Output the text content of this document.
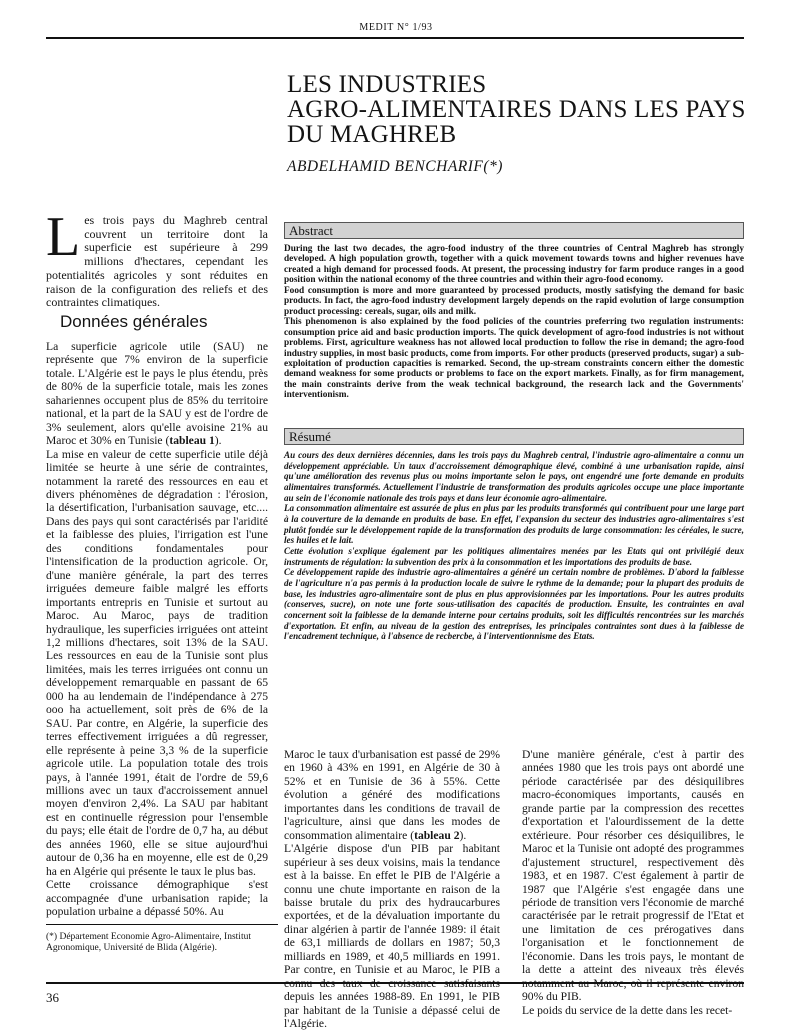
MEDIT N° 1/93
LES INDUSTRIES
AGRO-ALIMENTAIRES DANS LES PAYS
DU MAGHREB
ABDELHAMID BENCHARIF(*)
Les trois pays du Maghreb central couvrent un territoire dont la superficie est supérieure à 299 millions d'hectares, cependant les potentialités agricoles y sont réduites en raison de la configuration des reliefs et des contraintes climatiques.
Données générales

La superficie agricole utile (SAU) ne représente que 7% environ de la superficie totale. L'Algérie est le pays le plus étendu, près de 80% de la superficie totale, mais les zones sahariennes occupent plus de 85% du territoire national, et la part de la SAU y est de l'ordre de 3% seulement, alors qu'elle avoisine 21% au Maroc et 30% en Tunisie (tableau 1).

La mise en valeur de cette superficie utile déjà limitée se heurte à une série de contraintes, notamment la rareté des ressources en eau et divers phénomènes de dégradation : l'érosion, la désertification, l'urbanisation sauvage, etc.... Dans des pays qui sont caractérisés par l'aridité et la faiblesse des pluies, l'irrigation est l'une des conditions fondamentales pour l'intensification de la production agricole. Or, d'une manière générale, la part des terres irriguées demeure faible malgré les efforts importants entrepris en Tunisie et surtout au Maroc. Au Maroc, pays de tradition hydraulique, les superficies irriguées ont atteint 1,2 millions d'hectares, soit 13% de la SAU. Les ressources en eau de la Tunisie sont plus limitées, mais les terres irriguées ont connu un développement remarquable en passant de 65 000 ha au lendemain de l'indépendance à 275 ooo ha actuellement, soit près de 6% de la SAU. Par contre, en Algérie, la superficie des terres effectivement irriguées a dû regresser, elle représente à peine 3,3 % de la superficie agricole utile. La population totale des trois pays, à l'année 1991, était de l'ordre de 59,6 millions avec un taux d'accroissement annuel moyen d'environ 2,4%. La SAU par habitant est en continuelle régression pour l'ensemble du pays; elle était de l'ordre de 0,7 ha, au début des années 1960, elle se situe aujourd'hui autour de 0,36 ha en moyenne, elle est de 0,29 ha en Algérie qui présente le taux le plus bas.

Cette croissance démographique s'est accompagnée d'une urbanisation rapide; la population urbaine a dépassé 50%. Au

Abstract

During the last two decades, the agro-food industry of the three countries of Central Maghreb has strongly developed. A high population growth, together with a quick movement towards towns and higher revenues have created a high demand for processed foods. At present, the processing industry for farm produce ranges in a good position within the national economy of the three countries and within their agro-food economy.

Food consumption is more and more guaranteed by processed products, mostly satisfying the demand for basic products. In fact, the agro-food industry development largely depends on the rapid evolution of large consumption product processing: cereals, sugar, oils and milk.

This phenomenon is also explained by the food policies of the countries preferring two regulation instruments: consumption price aid and basic production imports. The quick development of agro-food industries is not without problems. First, agriculture weakness has not allowed local production to follow the rise in demand; the agro-food industry supplies, in most basic products, come from imports. For other products (preserved products, sugar) a sub-exploitation of production capacities is remarked. Second, the up-stream constraints concern either the domestic demand weakness for some products or problems to face on the export markets. Finally, as for firm management, the main constraints derive from the weak technical background, the research lack and the Governments' interventionism.

Résumé

Au cours des deux dernières décennies, dans les trois pays du Maghreb central, l'industrie agro-alimentaire a connu un développement appréciable. Un taux d'accroissement démographique élevé, combiné à une urbanisation rapide, ainsi qu'une amélioration des revenus plus ou moins importante selon le pays, ont engendré une forte demande en produits alimentaires transformés. Actuellement l'industrie de transformation des produits agricoles occupe une place importante au sein de l'économie nationale des trois pays et dans leur économie agro-alimentaire.

La consommation alimentaire est assurée de plus en plus par les produits transformés qui contribuent pour une large part à la couverture de la demande en produits de base. En effet, l'expansion du secteur des industries agro-alimentaires s'est plutôt fondée sur le développement rapide de la transformation des produits de large consommation: les céréales, le sucre, les huiles et le lait.

Cette évolution s'explique également par les politiques alimentaires menées par les Etats qui ont privilégié deux instruments de régulation: la subvention des prix à la consommation et les importations des produits de base.

Ce développement rapide des industrie agro-alimentaires a généré un certain nombre de problèmes. D'abord la faiblesse de l'agriculture n'a pas permis à la production locale de suivre le rythme de la demande; pour la plupart des produits de base, les industries agro-alimentaire sont de plus en plus approvisionnées par les importations. Pour les autres produits (conserves, sucre), on note une forte sous-utilisation des capacités de production. Ensuite, les contraintes en aval concernent soit la faiblesse de la demande interne pour certains produits, soit les difficultés rencontrées sur les marchés d'exportation. Et enfin, au niveau de la gestion des entreprises, les principales contraintes sont dues à la faiblesse de l'encadrement technique, à l'absence de recbercbe, à l'interventionnisme des Etats.

Maroc le taux d'urbanisation est passé de 29% en 1960 à 43% en 1991, en Algérie de 30 à 52% et en Tunisie de 36 à 55%. Cette évolution a généré des modifications importantes dans les conditions de travail de l'agriculture, ainsi que dans les modes de consommation alimentaire (tableau 2).

L'Algérie dispose d'un PIB par habitant supérieur à ses deux voisins, mais la tendance est à la baisse. En effet le PIB de l'Algérie a connu une chute importante en raison de la baisse brutale du prix des hydraucarbures exportées, et de la dévaluation importante du dinar algérien à partir de l'année 1989: il était de 63,1 milliards de dollars en 1987; 50,3 milliards en 1989, et 40,5 milliards en 1991. Par contre, en Tunisie et au Maroc, le PIB a depuis les années 1988-89. En 1991, le PIB par habitant de la Tunisie a dépassé celui de l'Algérie.

D'une manière générale, c'est à partir des années 1980 que les trois pays ont abordé une période caractérisée par des désiquilibres macro-économiques importants, causés en grande partie par la compression des recettes d'exportation et l'alourdissement de la dette extérieure. Pour résorber ces désiquilibres, le Maroc et la Tunisie ont adopté des programmes d'ajustement structurel, respectivement dès 1983, et en 1987. C'est également à partir de 1987 que l'Algérie s'est engagée dans une période de transition vers l'économie de marché caractérisée par le retrait progressif de l'Etat et une limitation de ces prérogatives dans l'organisation et le fonctionnement de l'économie. Dans les trois pays, le montant de la dette a atteint des niveaux très élevés 90% du PIB.

Le poids du service de la dette dans les recet-

(*) Département Economie Agro-Alimentaire, Institut Agronomique, Université de Blida (Algérie).
36
